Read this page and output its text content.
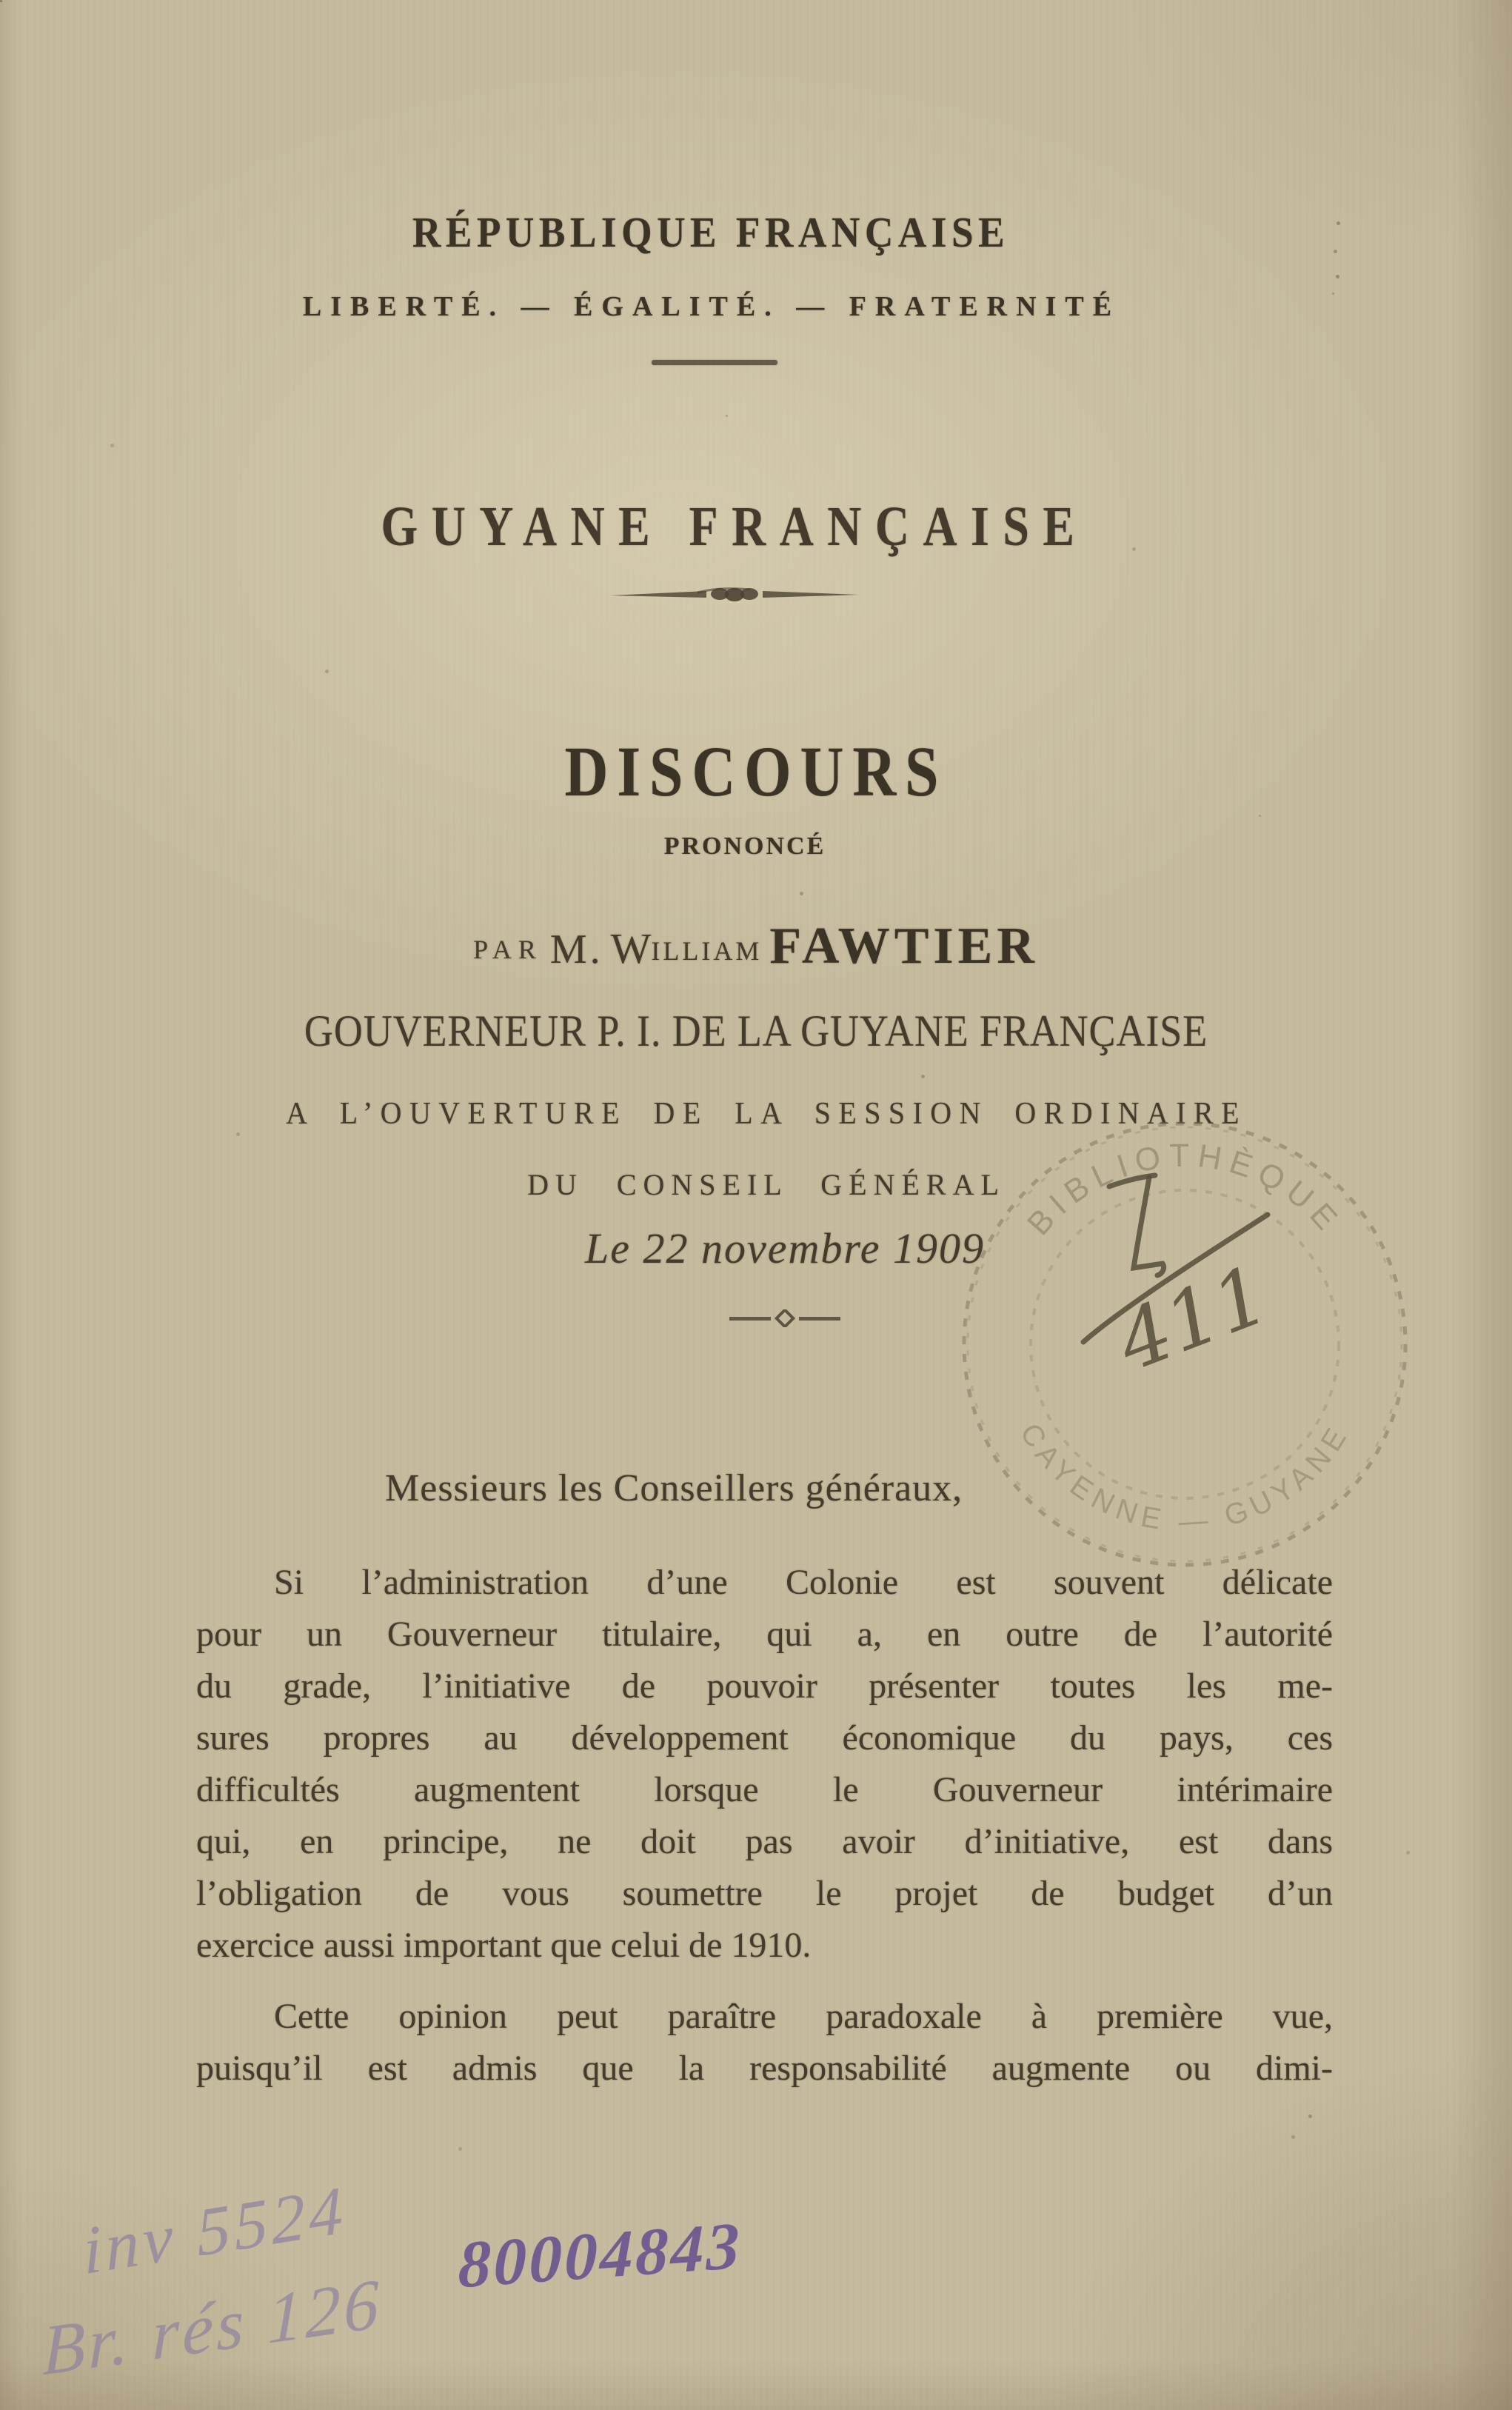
RÉPUBLIQUE FRANÇAISE
LIBERTÉ. — ÉGALITÉ. — FRATERNITÉ
GUYANE FRANÇAISE
DISCOURS
PRONONCÉ
PAR M. WILLIAM FAWTIER
GOUVERNEUR P. I. DE LA GUYANE FRANÇAISE
A L’OUVERTURE DE LA SESSION ORDINAIRE
DU CONSEIL GÉNÉRAL
Le 22 novembre 1909
BIBLIOTHÈQUE
CAYENNE — GUYANE
411
Messieurs les Conseillers généraux,
Si l’administration d’une Colonie est souvent délicate
pour un Gouverneur titulaire, qui a, en outre de l’autorité
du grade, l’initiative de pouvoir présenter toutes les me-
sures propres au développement économique du pays, ces
difficultés augmentent lorsque le Gouverneur intérimaire
qui, en principe, ne doit pas avoir d’initiative, est dans
l’obligation de vous soumettre le projet de budget d’un
exercice aussi important que celui de 1910.
Cette opinion peut paraître paradoxale à première vue,
puisqu’il est admis que la responsabilité augmente ou dimi-
inv 5524 80004843
Br. rés 126
